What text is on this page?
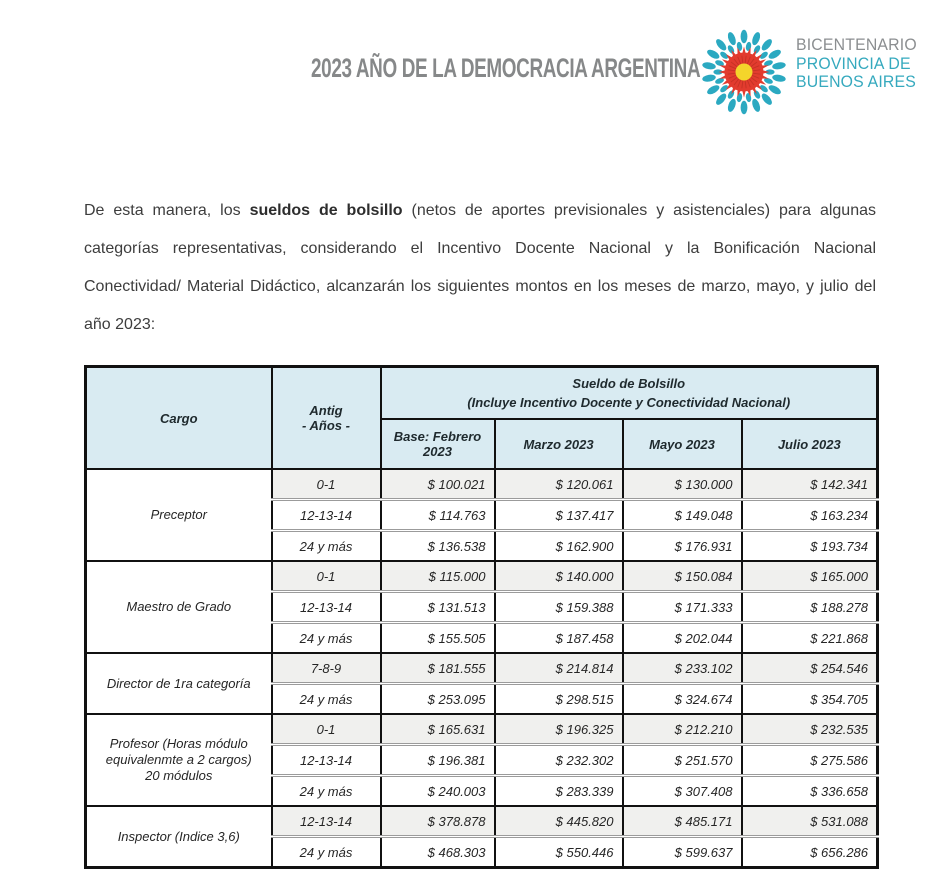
2023 AÑO DE LA DEMOCRACIA ARGENTINA
BICENTENARIO
PROVINCIA DE
BUENOS AIRES

De esta manera, los sueldos de bolsillo (netos de aportes previsionales y asistenciales) para algunas categorías representativas, considerando el Incentivo Docente Nacional y la Bonificación Nacional Conectividad/ Material Didáctico, alcanzarán los siguientes montos en los meses de marzo, mayo, y julio del año 2023:

Cargo	Antig
- Años -

Sueldo de Bolsillo
(Incluye Incentivo Docente y Conectividad Nacional)

		Base: Febrero 2023	Marzo 2023	Mayo 2023	Julio 2023
Preceptor	0-1	$ 100.021	$ 120.061	$ 130.000	$ 142.341
	12-13-14	$ 114.763	$ 137.417	$ 149.048	$ 163.234
	24 y más	$ 136.538	$ 162.900	$ 176.931	$ 193.734
Maestro de Grado	0-1	$ 115.000	$ 140.000	$ 150.084	$ 165.000
	12-13-14	$ 131.513	$ 159.388	$ 171.333	$ 188.278
	24 y más	$ 155.505	$ 187.458	$ 202.044	$ 221.868
Director de 1ra categoría	7-8-9	$ 181.555	$ 214.814	$ 233.102	$ 254.546
	24 y más	$ 253.095	$ 298.515	$ 324.674	$ 354.705
Profesor (Horas módulo equivalenmte a 2 cargos) 20 módulos	0-1	$ 165.631	$ 196.325	$ 212.210	$ 232.535
	12-13-14	$ 196.381	$ 232.302	$ 251.570	$ 275.586
	24 y más	$ 240.003	$ 283.339	$ 307.408	$ 336.658
Inspector (Indice 3,6)	12-13-14	$ 378.878	$ 445.820	$ 485.171	$ 531.088
	24 y más	$ 468.303	$ 550.446	$ 599.637	$ 656.286
